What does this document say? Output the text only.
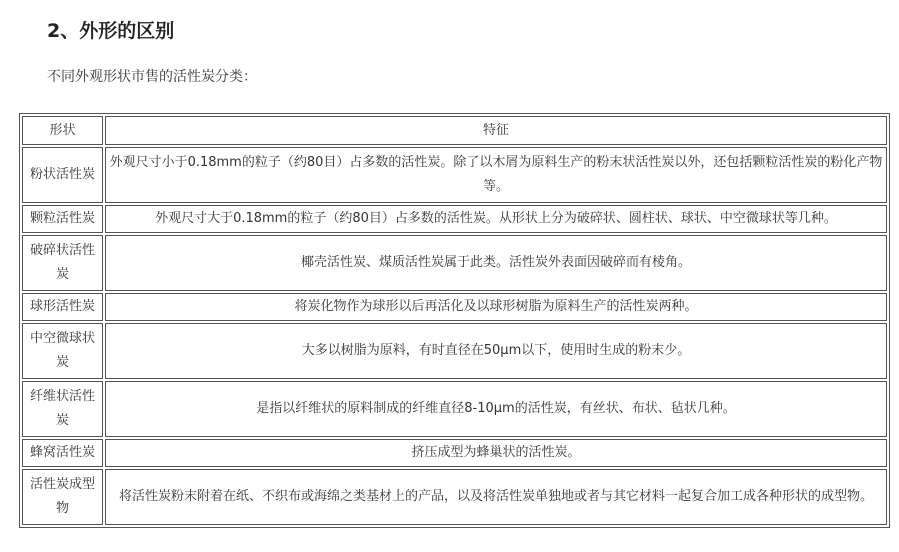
2、外形的区别
不同外观形状市售的活性炭分类：
形状	特征
粉状活性炭	外观尺寸小于0.18mm的粒子（约80目）占多数的活性炭。除了以木屑为原料生产的粉末状活性炭以外，还包括颗粒活性炭的粉化产物等。
颗粒活性炭	外观尺寸大于0.18mm的粒子（约80目）占多数的活性炭。从形状上分为破碎状、圆柱状、球状、中空微球状等几种。
破碎状活性炭	椰壳活性炭、煤质活性炭属于此类。活性炭外表面因破碎而有棱角。
球形活性炭	将炭化物作为球形以后再活化及以球形树脂为原料生产的活性炭两种。
中空微球状炭	大多以树脂为原料，有时直径在50μm以下，使用时生成的粉末少。
纤维状活性炭	是指以纤维状的原料制成的纤维直径8-10μm的活性炭，有丝状、布状、毡状几种。
蜂窝活性炭	挤压成型为蜂巢状的活性炭。
活性炭成型物	将活性炭粉末附着在纸、不织布或海绵之类基材上的产品，以及将活性炭单独地或者与其它材料一起复合加工成各种形状的成型物。
